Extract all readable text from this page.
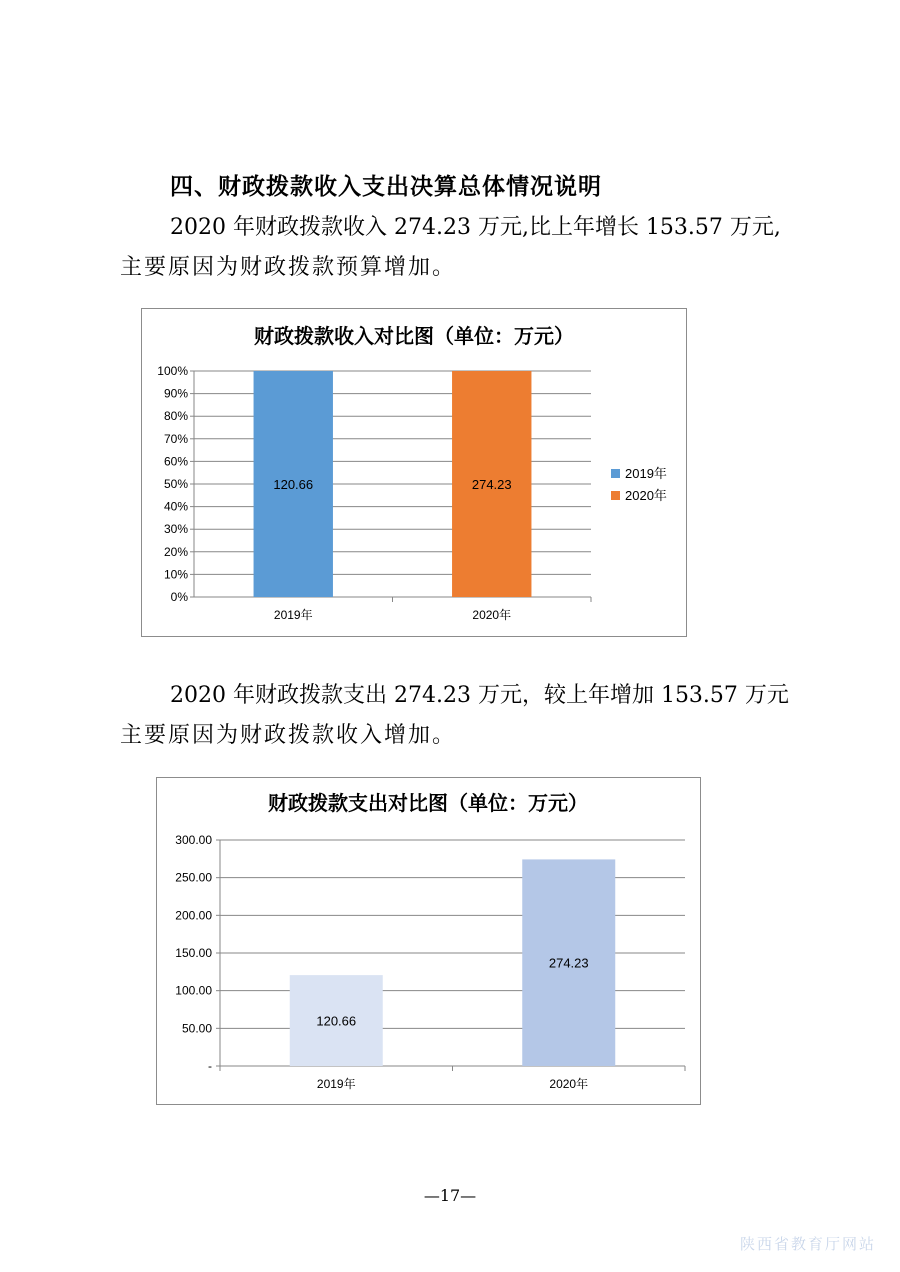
四、财政拨款收入支出决算总体情况说明
2020 年财政拨款收入 274.23 万元,比上年增长 153.57 万元,
主要原因为财政拨款预算增加。
财政拨款收入对比图（单位：万元）
120.66	274.23
0%
10%
20%
30%
40%
50%
60%
70%
80%
90%
100%
2019年	2020年
2019年
2020年
2020 年财政拨款支出 274.23 万元，较上年增加 153.57 万元
主要原因为财政拨款收入增加。
财政拨款支出对比图（单位：万元）
120.66
274.23
-
50.00
100.00
150.00
200.00
250.00
300.00
2019年	2020年
—17—
陕西省教育厅网站
